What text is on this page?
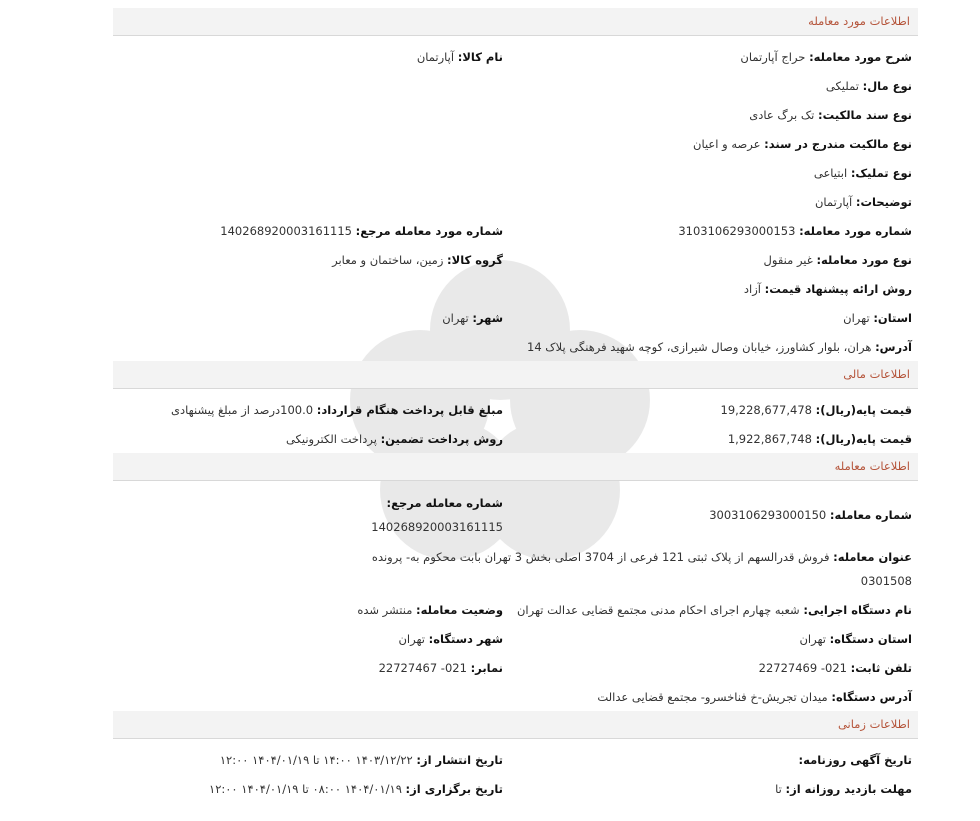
اطلاعات مورد معامله
شرح مورد معامله: حراج آپارتمان
نام کالا: آپارتمان
نوع مال:

تملیکی
نوع سند مالکیت:

تک برگ عادی
نوع مالکیت مندرج در سند:

عرصه و اعیان
نوع تملیک:

ابتیاعی
توضیحات:

آپارتمان
شماره مورد معامله: 3103106293000153
شماره مورد معامله مرجع: 140268920003161115
نوع مورد معامله: غیر منقول
گروه کالا: زمین، ساختمان و معابر
روش ارائه پیشنهاد قیمت:

آزاد
استان: تهران
شهر: تهران
آدرس:

هران، بلوار کشاورز، خیابان وصال شیرازی، کوچه شهید فرهنگی پلاک 14
اطلاعات مالی
قیمت پایه(ریال): 19,228,677,478
مبلغ قابل پرداخت هنگام قرارداد: 100.0درصد از مبلغ پیشنهادی
قیمت پایه(ریال): 1,922,867,748
روش پرداخت تضمین: پرداخت الکترونیکی
اطلاعات معامله
شماره معامله: 3003106293000150
شماره معامله مرجع:
140268920003161115
عنوان معامله: فروش قدرالسهم از پلاک ثبتی 121 فرعی از 3704 اصلی بخش 3 تهران بابت محکوم به- پرونده 0301508
نام دستگاه اجرایی: شعبه چهارم اجرای احکام مدنی مجتمع قضایی عدالت تهران
وضعیت معامله: منتشر شده
استان دستگاه: تهران
شهر دستگاه: تهران
تلفن ثابت: 021- 22727469
نمابر: 021- 22727467
آدرس دستگاه:

میدان تجریش-خ فناخسرو- مجتمع قضایی عدالت
اطلاعات زمانی
تاریخ آگهی روزنامه:
تاریخ انتشار از: ۱۴۰۳/۱۲/۲۲ ۱۴:۰۰ تا ۱۴۰۴/۰۱/۱۹ ۱۲:۰۰
مهلت بازدید روزانه از: تا
تاریخ برگزاری از: ۱۴۰۴/۰۱/۱۹ ۰۸:۰۰ تا ۱۴۰۴/۰۱/۱۹ ۱۲:۰۰
